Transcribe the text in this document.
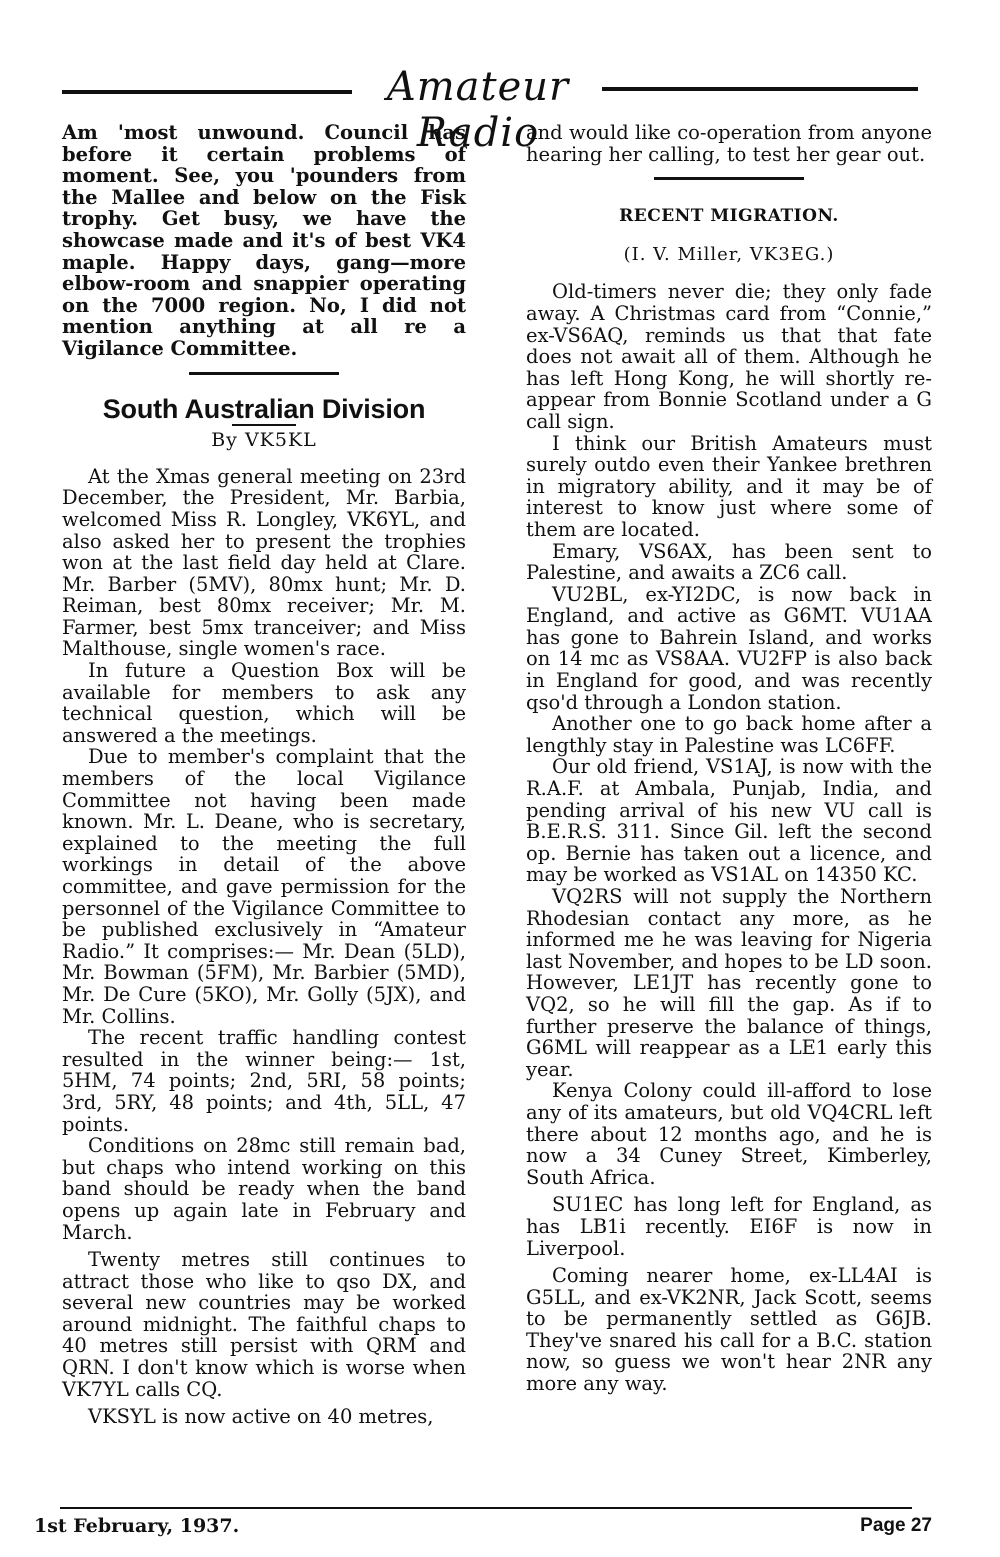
Amateur Radio

Am 'most unwound. Council has before it certain problems of moment. See, you 'pounders from the Mallee and below on the Fisk trophy. Get busy, we have the showcase made and it's of best VK4 maple. Happy days, gang—more elbow-room and snappier operating on the 7000 region. No, I did not mention anything at all re a Vigilance Committee.

South Australian Division
By VK5KL

At the Xmas general meeting on 23rd December, the President, Mr. Barbia, welcomed Miss R. Longley, VK6YL, and also asked her to present the trophies won at the last field day held at Clare. Mr. Barber (5MV), 80mx hunt; Mr. D. Reiman, best 80mx receiver; Mr. M. Farmer, best 5mx tranceiver; and Miss Malthouse, single women's race.

In future a Question Box will be available for members to ask any technical question, which will be answered a the meetings.

Due to member's complaint that the members of the local Vigilance Committee not having been made known. Mr. L. Deane, who is secretary, explained to the meeting the full workings in detail of the above committee, and gave permission for the personnel of the Vigilance Committee to be published exclusively in “Amateur Radio.” It comprises:— Mr. Dean (5LD), Mr. Bowman (5FM), Mr. Barbier (5MD), Mr. De Cure (5KO), Mr. Golly (5JX), and Mr. Collins.

The recent traffic handling contest resulted in the winner being:— 1st, 5HM, 74 points; 2nd, 5RI, 58 points; 3rd, 5RY, 48 points; and 4th, 5LL, 47 points.

Conditions on 28mc still remain bad, but chaps who intend working on this band should be ready when the band opens up again late in February and March.

Twenty metres still continues to attract those who like to qso DX, and several new countries may be worked around midnight. The faithful chaps to 40 metres still persist with QRM and QRN. I don't know which is worse when VK7YL calls CQ.

VKSYL is now active on 40 metres,

and would like co-operation from anyone hearing her calling, to test her gear out.

RECENT MIGRATION.
(I. V. Miller, VK3EG.)

Old-timers never die; they only fade away. A Christmas card from “Connie,” ex-VS6AQ, reminds us that that fate does not await all of them. Although he has left Hong Kong, he will shortly re-appear from Bonnie Scotland under a G call sign.

I think our British Amateurs must surely outdo even their Yankee brethren in migratory ability, and it may be of interest to know just where some of them are located.

Emary, VS6AX, has been sent to Palestine, and awaits a ZC6 call.

VU2BL, ex-YI2DC, is now back in England, and active as G6MT. VU1AA has gone to Bahrein Island, and works on 14 mc as VS8AA. VU2FP is also back in England for good, and was recently qso'd through a London station.

Another one to go back home after a lengthly stay in Palestine was LC6FF.

Our old friend, VS1AJ, is now with the R.A.F. at Ambala, Punjab, India, and pending arrival of his new VU call is B.E.R.S. 311. Since Gil. left the second op. Bernie has taken out a licence, and may be worked as VS1AL on 14350 KC.

VQ2RS will not supply the Northern Rhodesian contact any more, as he informed me he was leaving for Nigeria last November, and hopes to be LD soon. However, LE1JT has recently gone to VQ2, so he will fill the gap. As if to further preserve the balance of things, G6ML will reappear as a LE1 early this year.

Kenya Colony could ill-afford to lose any of its amateurs, but old VQ4CRL left there about 12 months ago, and he is now a 34 Cuney Street, Kimberley, South Africa.

SU1EC has long left for England, as has LB1i recently. EI6F is now in Liverpool.

Coming nearer home, ex-LL4AI is G5LL, and ex-VK2NR, Jack Scott, seems to be permanently settled as G6JB. They've snared his call for a B.C. station now, so guess we won't hear 2NR any more any way.

1st February, 1937.	Page 27
